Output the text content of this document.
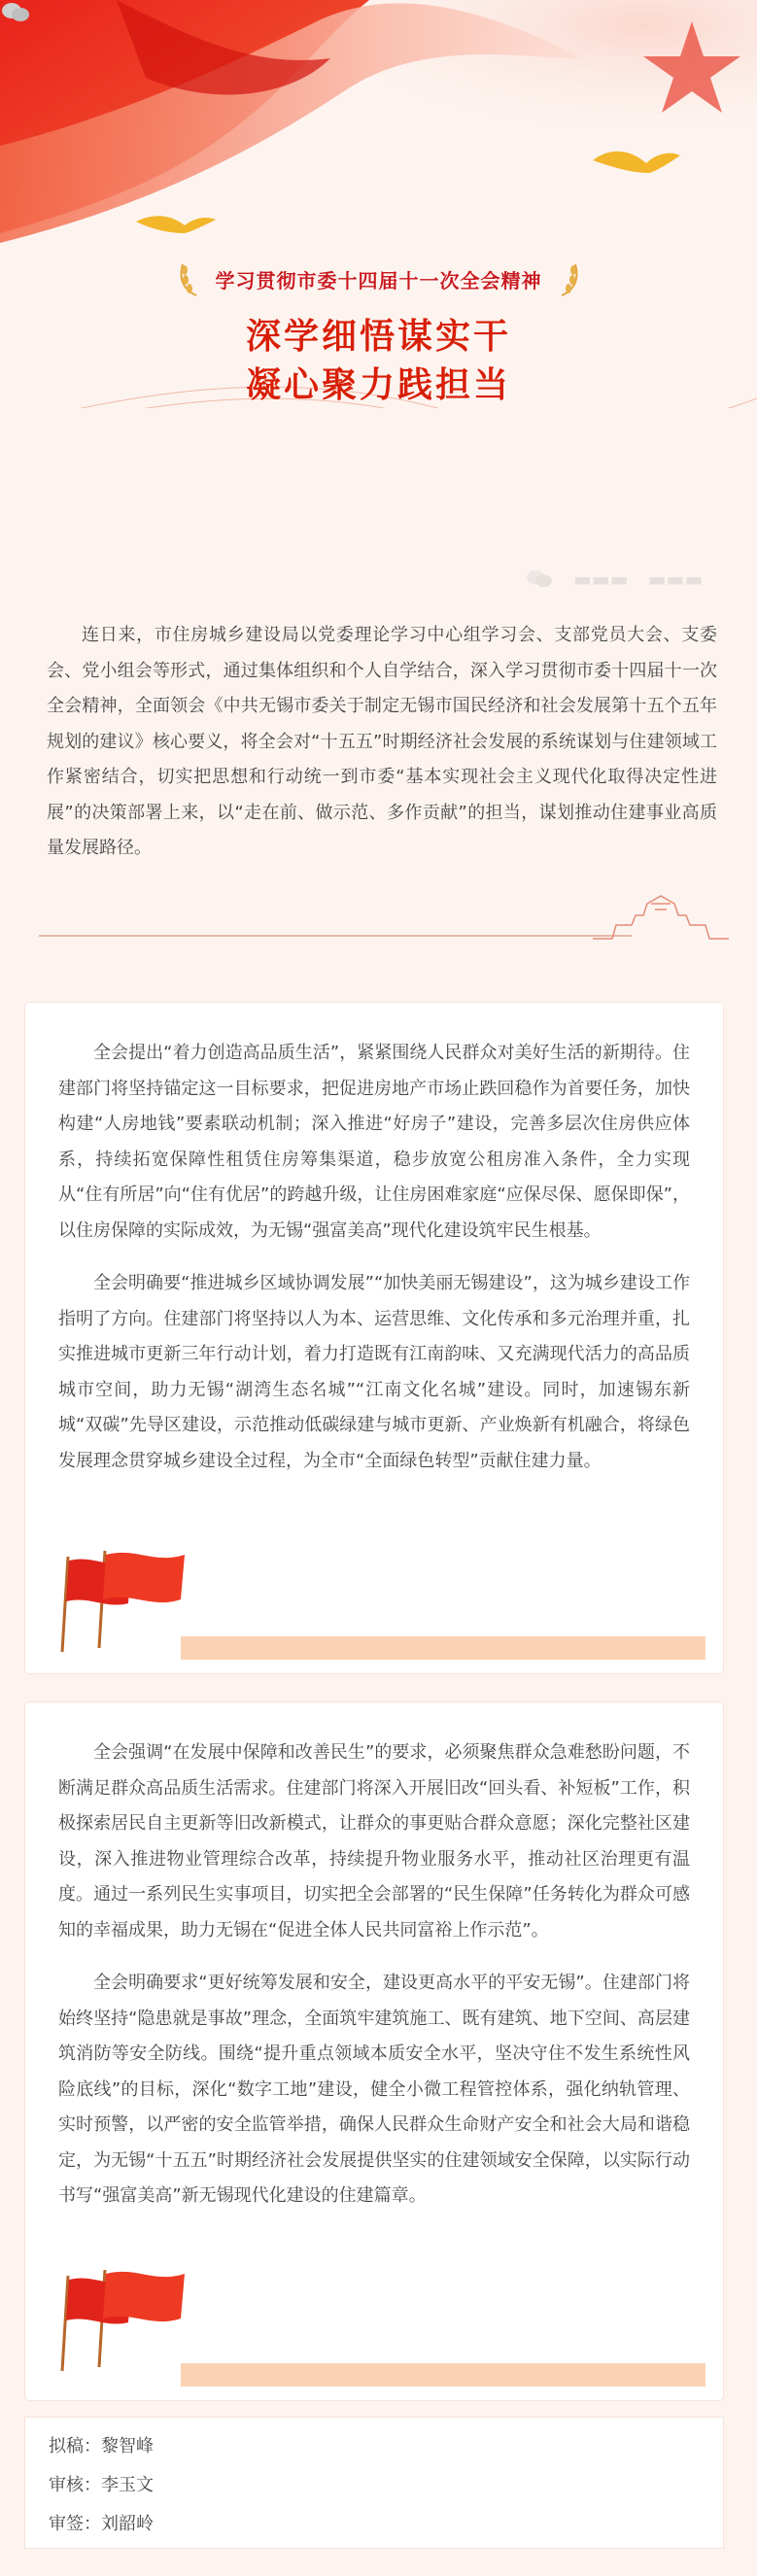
学习贯彻市委十四届十一次全会精神
深学细悟谋实干
凝心聚力践担当
▬▬▬ ▬▬▬

连日来，市住房城乡建设局以党委理论学习中心组学习会、支部党员大会、支委会、党小组会等形式，通过集体组织和个人自学结合，深入学习贯彻市委十四届十一次全会精神，全面领会《中共无锡市委关于制定无锡市国民经济和社会发展第十五个五年规划的建议》核心要义，将全会对“十五五”时期经济社会发展的系统谋划与住建领域工作紧密结合，切实把思想和行动统一到市委“基本实现社会主义现代化取得决定性进展”的决策部署上来，以“走在前、做示范、多作贡献”的担当，谋划推动住建事业高质量发展路径。

全会提出“着力创造高品质生活”，紧紧围绕人民群众对美好生活的新期待。住建部门将坚持锚定这一目标要求，把促进房地产市场止跌回稳作为首要任务，加快构建“人房地钱”要素联动机制；深入推进“好房子”建设，完善多层次住房供应体系，持续拓宽保障性租赁住房筹集渠道，稳步放宽公租房准入条件，全力实现从“住有所居”向“住有优居”的跨越升级，让住房困难家庭“应保尽保、愿保即保”，以住房保障的实际成效，为无锡“强富美高”现代化建设筑牢民生根基。

全会明确要“推进城乡区域协调发展”“加快美丽无锡建设”，这为城乡建设工作指明了方向。住建部门将坚持以人为本、运营思维、文化传承和多元治理并重，扎实推进城市更新三年行动计划，着力打造既有江南韵味、又充满现代活力的高品质城市空间，助力无锡“湖湾生态名城”“江南文化名城”建设。同时，加速锡东新城“双碳”先导区建设，示范推动低碳绿建与城市更新、产业焕新有机融合，将绿色发展理念贯穿城乡建设全过程，为全市“全面绿色转型”贡献住建力量。

全会强调“在发展中保障和改善民生”的要求，必须聚焦群众急难愁盼问题，不断满足群众高品质生活需求。住建部门将深入开展旧改“回头看、补短板”工作，积极探索居民自主更新等旧改新模式，让群众的事更贴合群众意愿；深化完整社区建设，深入推进物业管理综合改革，持续提升物业服务水平，推动社区治理更有温度。通过一系列民生实事项目，切实把全会部署的“民生保障”任务转化为群众可感知的幸福成果，助力无锡在“促进全体人民共同富裕上作示范”。

全会明确要求“更好统筹发展和安全，建设更高水平的平安无锡”。住建部门将始终坚持“隐患就是事故”理念，全面筑牢建筑施工、既有建筑、地下空间、高层建筑消防等安全防线。围绕“提升重点领域本质安全水平，坚决守住不发生系统性风险底线”的目标，深化“数字工地”建设，健全小微工程管控体系，强化纳轨管理、实时预警，以严密的安全监管举措，确保人民群众生命财产安全和社会大局和谐稳定，为无锡“十五五”时期经济社会发展提供坚实的住建领域安全保障，以实际行动书写“强富美高”新无锡现代化建设的住建篇章。

拟稿：黎智峰
审核：李玉文
审签：刘韶岭
